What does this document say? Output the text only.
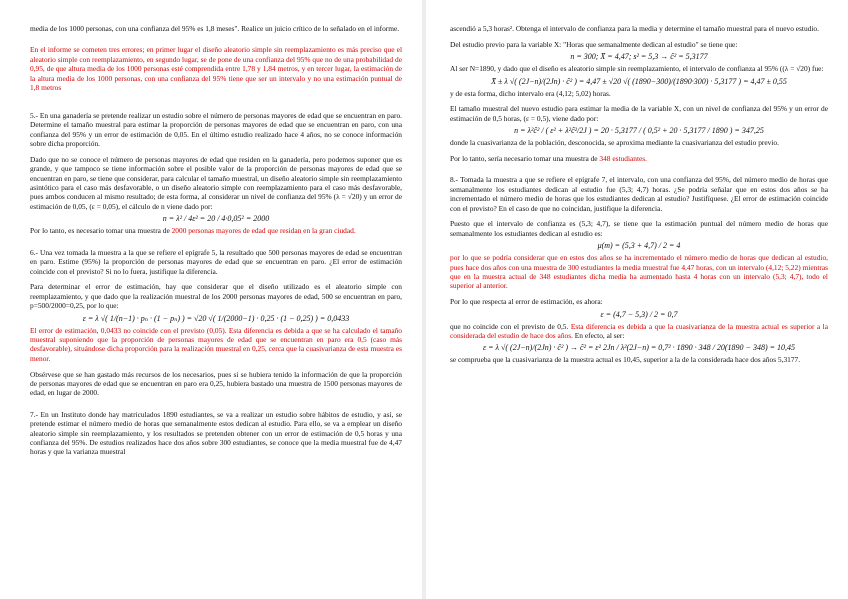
media de los 1000 personas, con una confianza del 95% es 1,8 meses". Realice un juicio crítico de lo señalado en el informe.

En el informe se cometen tres errores; en primer lugar el diseño aleatorio simple sin reemplazamiento es más preciso que el aleatorio simple con reemplazamiento, en segundo lugar, se de pone de una confianza del 95% que no de una probabilidad de 0,95, de que altura media de los 1000 personas esté comprendida entre 1,78 y 1,84 metros, y en tercer lugar, la estimación de la altura media de los 1000 personas, con una confianza del 95% tiene que ser un intervalo y no una estimación puntual de 1,8 metros

5.- En una ganadería se pretende realizar un estudio sobre el número de personas mayores de edad que se encuentran en paro. Determine el tamaño muestral para estimar la proporción de personas mayores de edad que se encuentran en paro, con una confianza del 95% y un error de estimación de 0,05. En el último estudio realizado hace 4 años, no se conoce información sobre dicha proporción.

Dado que no se conoce el número de personas mayores de edad que residen en la ganadería, pero podemos suponer que es grande, y que tampoco se tiene información sobre el posible valor de la proporción de personas mayores de edad que se encuentran en paro, se tiene que considerar, para calcular el tamaño muestral, un diseño aleatorio simple sin reemplazamiento asintótico para el caso más desfavorable, o un diseño aleatorio simple con reemplazamiento para el caso más desfavorable, pues ambos conducen al mismo resultado; de esta forma, al considerar un nivel de confianza del 95% (λ = √20) y un error de estimación de 0,05, (ε = 0,05), el cálculo de n viene dado por:

n = λ² / 4ε² = 20 / 4·0,05² = 2000

Por lo tanto, es necesario tomar una muestra de 2000 personas mayores de edad que residan en la gran ciudad.

6.- Una vez tomada la muestra a la que se refiere el epígrafe 5, la resultado que 500 personas mayores de edad se encuentran en paro. Estime (95%) la proporción de personas mayores de edad que se encuentran en paro. ¿El error de estimación coincide con el previsto? Si no lo fuera, justifique la diferencia.

Para determinar el error de estimación, hay que considerar que el diseño utilizado es el aleatorio simple con reemplazamiento, y que dado que la realización muestral de los 2000 personas mayores de edad, 500 se encuentran en paro, p=500/2000=0,25, por lo que:

ε = λ √( 1/(n−1) · pₙ · (1 − pₙ) ) = √20 √( 1/(2000−1) · 0,25 · (1 − 0,25) ) = 0,0433

El error de estimación, 0,0433 no coincide con el previsto (0,05). Esta diferencia es debida a que se ha calculado el tamaño muestral suponiendo que la proporción de personas mayores de edad que se encuentran en paro era 0,5 (caso más desfavorable), situándose dicha proporción para la realización muestral en 0,25, cerca que la cuasivarianza de esta muestra es menor.

Obsérvese que se han gastado más recursos de los necesarios, pues si se hubiera tenido la información de que la proporción de personas mayores de edad que se encuentran en paro era 0,25, hubiera bastado una muestra de 1500 personas mayores de edad, en lugar de 2000.

7.- En un Instituto donde hay matriculados 1890 estudiantes, se va a realizar un estudio sobre hábitos de estudio, y así, se pretende estimar el número medio de horas que semanalmente estos dedican al estudio. Para ello, se va a emplear un diseño aleatorio simple sin reemplazamiento, y los resultados se pretenden obtener con un error de estimación de 0,5 horas y una confianza del 95%. De estudios realizados hace dos años sobre 300 estudiantes, se conoce que la media muestral fue de 4,47 horas y que la varianza muestral

ascendió a 5,3 horas². Obtenga el intervalo de confianza para la media y determine el tamaño muestral para el nuevo estudio.

Del estudio previo para la variable X: "Horas que semanalmente dedican al estudio" se tiene que:

n = 300; X̄ = 4,47; s² = 5,3 → ĉ² = 5,3177

Al ser N=1890, y dado que el diseño es aleatorio simple sin reemplazamiento, el intervalo de confianza al 95% ((λ = √20) fue:

X̄ ± λ √( (2J−n)/(2Jn) · ĉ² ) = 4,47 ± √20 √( (1890−300)/(1890·300) · 5,3177 ) = 4,47 ± 0,55

y de esta forma, dicho intervalo era (4,12; 5,02) horas.

El tamaño muestral del nuevo estudio para estimar la media de la variable X, con un nivel de confianza del 95% y un error de estimación de 0,5 horas, (ε = 0,5), viene dado por:

n = λ²ĉ² / ( ε² + λ²ĉ²/2J ) = 20 · 5,3177 / ( 0,5² + 20 · 5,3177 / 1890 ) = 347,25

donde la cuasivarianza de la población, desconocida, se aproxima mediante la cuasivarianza del estudio previo.

Por lo tanto, sería necesario tomar una muestra de 348 estudiantes.

8.- Tomada la muestra a que se refiere el epígrafe 7, el intervalo, con una confianza del 95%, del número medio de horas que semanalmente los estudiantes dedican al estudio fue (5,3; 4,7) horas. ¿Se podría señalar que en estos dos años se ha incrementado el número medio de horas que los estudiantes dedican al estudio? Justifíquese. ¿El error de estimación coincide con el previsto? En el caso de que no coincidan, justifique la diferencia.

Puesto que el intervalo de confianza es (5,3; 4,7), se tiene que la estimación puntual del número medio de horas que semanalmente los estudiantes dedican al estudio es:

μ(m) = (5,3 + 4,7) / 2 = 4

por lo que se podría considerar que en estos dos años se ha incrementado el número medio de horas que dedican al estudio, pues hace dos años con una muestra de 300 estudiantes la media muestral fue 4,47 horas, con un intervalo (4,12; 5,22) mientras que en la muestra actual de 348 estudiantes dicha media ha aumentado hasta 4 horas con un intervalo (5,3; 4,7), todo el superior al anterior.

Por lo que respecta al error de estimación, es ahora:

ε = (4,7 − 5,3) / 2 = 0,7

que no coincide con el previsto de 0,5. Esta diferencia es debida a que la cuasivarianza de la muestra actual es superior a la considerada del estudio de hace dos años. En efecto, al ser:

ε = λ √( (2J−n)/(2Jn) · ĉ² ) → ĉ² = ε² 2Jn / λ²(2J−n) = 0,7² · 1890 · 348 / 20(1890 − 348) = 10,45

se comprueba que la cuasivarianza de la muestra actual es 10,45, superior a la de la considerada hace dos años 5,3177.
